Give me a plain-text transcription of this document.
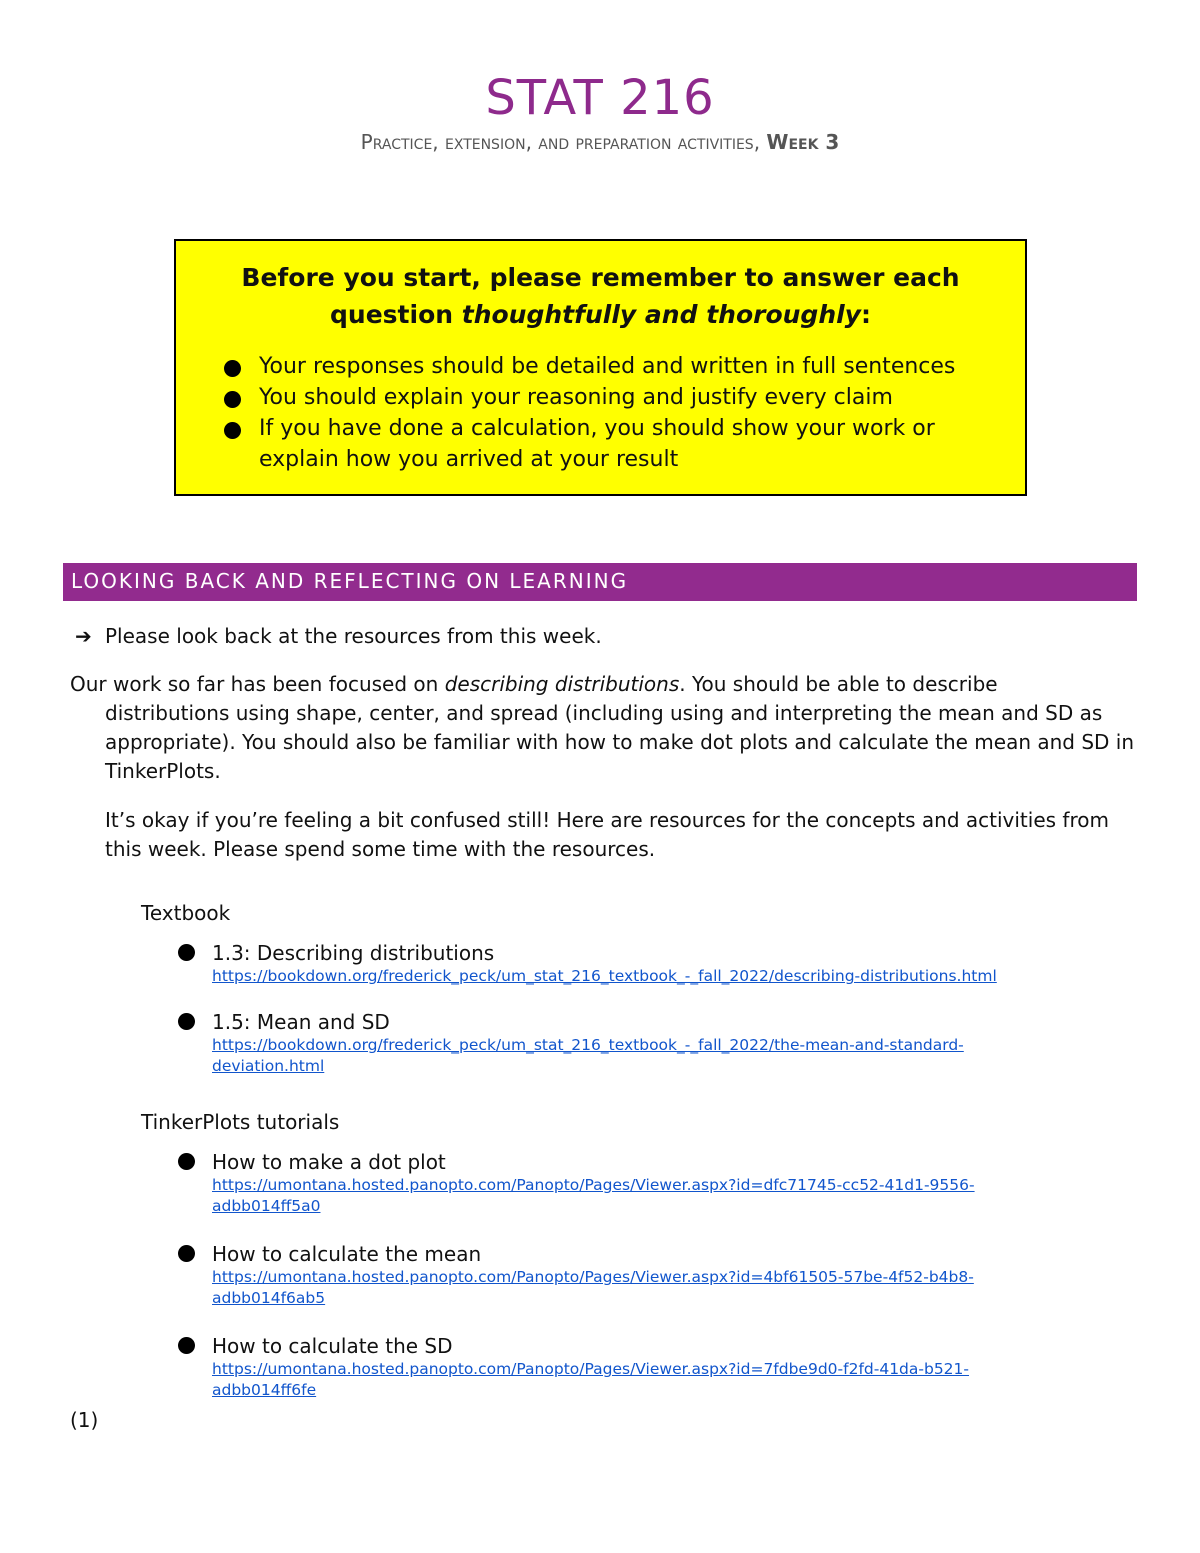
STAT 216
Practice, extension, and preparation activities, Week 3
Before you start, please remember to answer each question thoughtfully and thoroughly:
Your responses should be detailed and written in full sentences
You should explain your reasoning and justify every claim
If you have done a calculation, you should show your work or explain how you arrived at your result
LOOKING BACK AND REFLECTING ON LEARNING
➔ Please look back at the resources from this week.
Our work so far has been focused on describing distributions. You should be able to describe
distributions using shape, center, and spread (including using and interpreting the mean and SD as appropriate). You should also be familiar with how to make dot plots and calculate the mean and SD in TinkerPlots.
It’s okay if you’re feeling a bit confused still! Here are resources for the concepts and activities from this week. Please spend some time with the resources.
Textbook
1.3: Describing distributions
https://bookdown.org/frederick_peck/um_stat_216_textbook_-_fall_2022/describing-distributions.html
1.5: Mean and SD
https://bookdown.org/frederick_peck/um_stat_216_textbook_-_fall_2022/the-mean-and-standard-
deviation.html
TinkerPlots tutorials
How to make a dot plot
https://umontana.hosted.panopto.com/Panopto/Pages/Viewer.aspx?id=dfc71745-cc52-41d1-9556-
adbb014ff5a0
How to calculate the mean
https://umontana.hosted.panopto.com/Panopto/Pages/Viewer.aspx?id=4bf61505-57be-4f52-b4b8-
adbb014f6ab5
How to calculate the SD
https://umontana.hosted.panopto.com/Panopto/Pages/Viewer.aspx?id=7fdbe9d0-f2fd-41da-b521-
adbb014ff6fe
(1)
